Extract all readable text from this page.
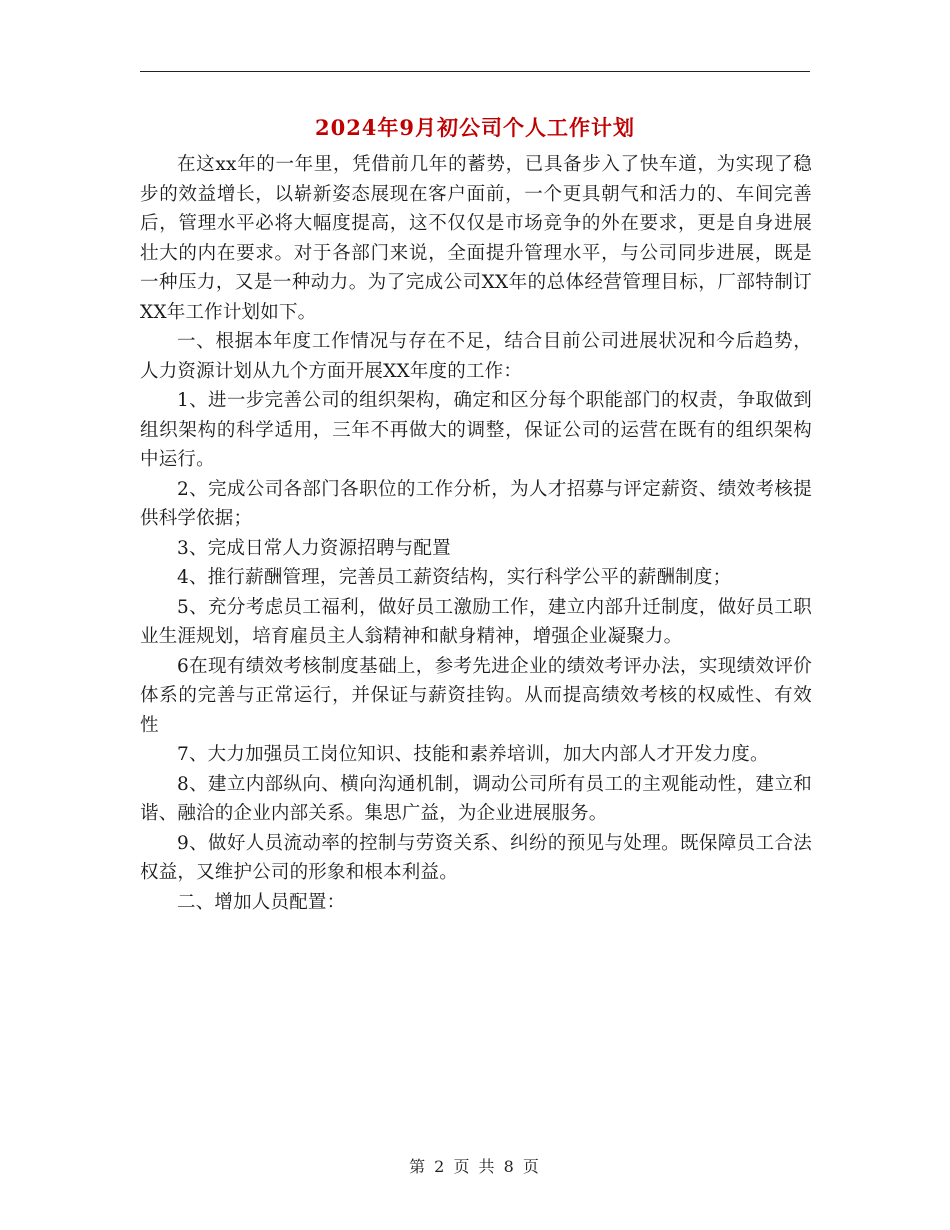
2024年9月初公司个人工作计划

在这xx年的一年里，凭借前几年的蓄势，已具备步入了快车道，为实现了稳步的效益增长，以崭新姿态展现在客户面前，一个更具朝气和活力的、车间完善后，管理水平必将大幅度提高，这不仅仅是市场竞争的外在要求，更是自身进展壮大的内在要求。对于各部门来说，全面提升管理水平，与公司同步进展，既是一种压力，又是一种动力。为了完成公司XX年的总体经营管理目标，厂部特制订XX年工作计划如下。

一、根据本年度工作情况与存在不足，结合目前公司进展状况和今后趋势，人力资源计划从九个方面开展XX年度的工作：

1、进一步完善公司的组织架构，确定和区分每个职能部门的权责，争取做到组织架构的科学适用，三年不再做大的调整，保证公司的运营在既有的组织架构中运行。

2、完成公司各部门各职位的工作分析，为人才招募与评定薪资、绩效考核提供科学依据；

3、完成日常人力资源招聘与配置

4、推行薪酬管理，完善员工薪资结构，实行科学公平的薪酬制度；

5、充分考虑员工福利，做好员工激励工作，建立内部升迁制度，做好员工职业生涯规划，培育雇员主人翁精神和献身精神，增强企业凝聚力。

6在现有绩效考核制度基础上，参考先进企业的绩效考评办法，实现绩效评价体系的完善与正常运行，并保证与薪资挂钩。从而提高绩效考核的权威性、有效性

7、大力加强员工岗位知识、技能和素养培训，加大内部人才开发力度。

8、建立内部纵向、横向沟通机制，调动公司所有员工的主观能动性，建立和谐、融洽的企业内部关系。集思广益，为企业进展服务。

9、做好人员流动率的控制与劳资关系、纠纷的预见与处理。既保障员工合法权益，又维护公司的形象和根本利益。

二、增加人员配置：

第 2 页 共 8 页
